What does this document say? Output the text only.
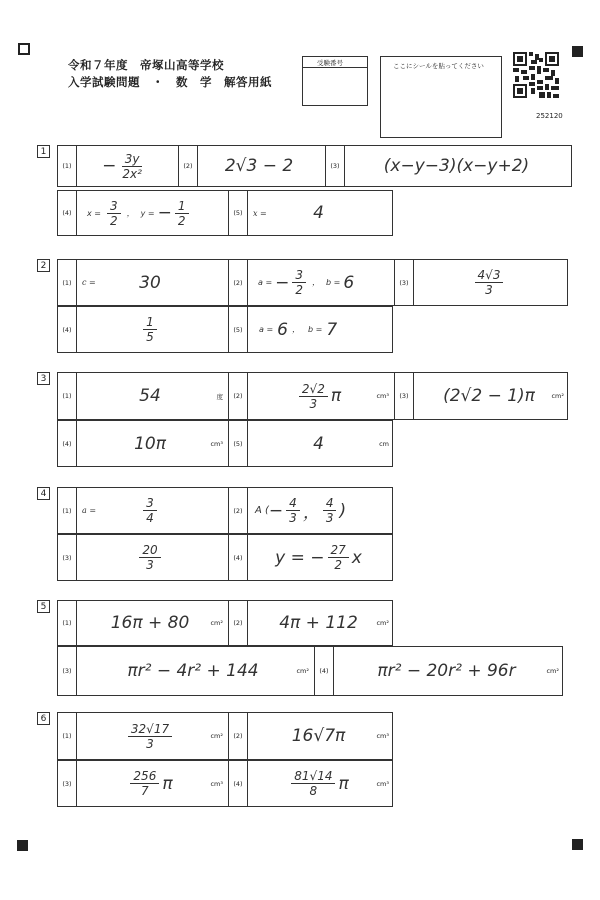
令和７年度　帝塚山高等学校
入学試験問題　・　数　学　解答用紙
受験番号	ここにシールを貼ってください
252120
1
(1)	− $\frac{3y}{\text{2x²}}$	(2)	2√3 − 2	(3)	(x−y−3)(x−y+2)
(4)	$x = \frac{3}{2}$ ， y = − $\frac{1}{2}$	(5)	x =	4
2
(1)	c =	30	(2)	a = − $\frac{3}{2}$ ， b = 6	(3)	$\frac{4√3}{3}$
(4)	$\frac{1}{5}$	(5)	a = 6 ， b = 7
3
(1)	54	度	(2)	$\frac{2√2}{3}$ π	cm³	(3)	(2√2 − 1)π	cm²
(4)	10π	cm³	(5)	4	cm
4
(1)	a =	$\frac{3}{4}$	(2)	A ( − $\frac{4}{3}$ ， $\frac{4}{3}$ )
(3)	$\frac{20}{3}$	(4)	y = − $\frac{27}{2}$ x
5
(1)	16π + 80	cm²	(2)	4π + 112	cm²
(3)	πr² − 4r² + 144	cm²	(4)	πr² − 20r² + 96r	cm²
6
(1)	$\frac{32√17}{3}$	cm²	(2)	16√7π	cm³
(3)	$\frac{256}{7}$ π	cm³	(4)	$\frac{81√14}{8}$ π	cm³
